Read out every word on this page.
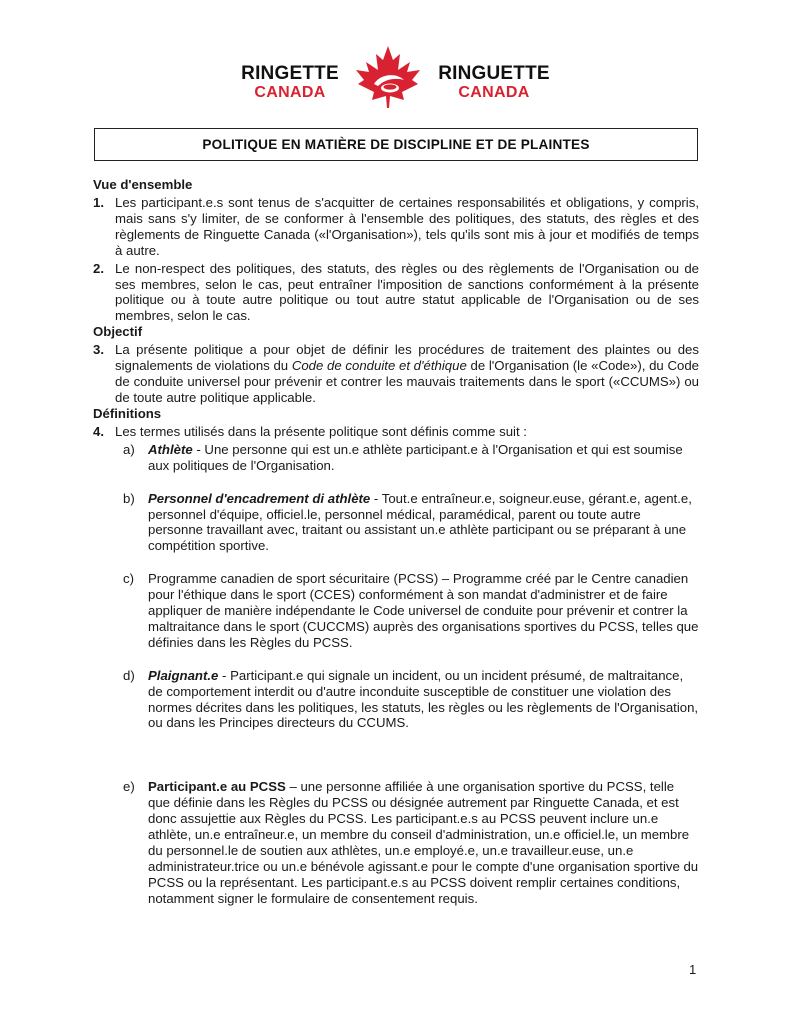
RINGETTE
CANADA
RINGUETTE
CANADA
POLITIQUE EN MATIÈRE DE DISCIPLINE ET DE PLAINTES
Vue d'ensemble
1. Les participant.e.s sont tenus de s'acquitter de certaines responsabilités et obligations, y compris, mais sans s'y limiter, de se conformer à l'ensemble des politiques, des statuts, des règles et des règlements de Ringuette Canada («l'Organisation»), tels qu'ils sont mis à jour et modifiés de temps à autre.
2. Le non-respect des politiques, des statuts, des règles ou des règlements de l'Organisation ou de ses membres, selon le cas, peut entraîner l'imposition de sanctions conformément à la présente politique ou à toute autre politique ou tout autre statut applicable de l'Organisation ou de ses membres, selon le cas.
Objectif
3. La présente politique a pour objet de définir les procédures de traitement des plaintes ou des signalements de violations du Code de conduite et d'éthique de l'Organisation (le «Code»), du Code de conduite universel pour prévenir et contrer les mauvais traitements dans le sport («CCUMS») ou de toute autre politique applicable.
Définitions
4. Les termes utilisés dans la présente politique sont définis comme suit :
a)	Athlète - Une personne qui est un.e athlète participant.e à l'Organisation et qui est soumise aux politiques de l'Organisation.
b)	Personnel d'encadrement di athlète - Tout.e entraîneur.e, soigneur.euse, gérant.e, agent.e, personnel d'équipe, officiel.le, personnel médical, paramédical, parent ou toute autre personne travaillant avec, traitant ou assistant un.e athlète participant ou se préparant à une compétition sportive.
c)	Programme canadien de sport sécuritaire (PCSS) – Programme créé par le Centre canadien pour l'éthique dans le sport (CCES) conformément à son mandat d'administrer et de faire appliquer de manière indépendante le Code universel de conduite pour prévenir et contrer la maltraitance dans le sport (CUCCMS) auprès des organisations sportives du PCSS, telles que définies dans les Règles du PCSS.
d)	Plaignant.e - Participant.e qui signale un incident, ou un incident présumé, de maltraitance, de comportement interdit ou d'autre inconduite susceptible de constituer une violation des normes décrites dans les politiques, les statuts, les règles ou les règlements de l'Organisation, ou dans les Principes directeurs du CCUMS.
e)	Participant.e au PCSS – une personne affiliée à une organisation sportive du PCSS, telle que définie dans les Règles du PCSS ou désignée autrement par Ringuette Canada, et est donc assujettie aux Règles du PCSS. Les participant.e.s au PCSS peuvent inclure un.e athlète, un.e entraîneur.e, un membre du conseil d'administration, un.e officiel.le, un membre du personnel.le de soutien aux athlètes, un.e employé.e, un.e travailleur.euse, un.e administrateur.trice ou un.e bénévole agissant.e pour le compte d'une organisation sportive du PCSS ou la représentant. Les participant.e.s au PCSS doivent remplir certaines conditions, notamment signer le formulaire de consentement requis.
1
